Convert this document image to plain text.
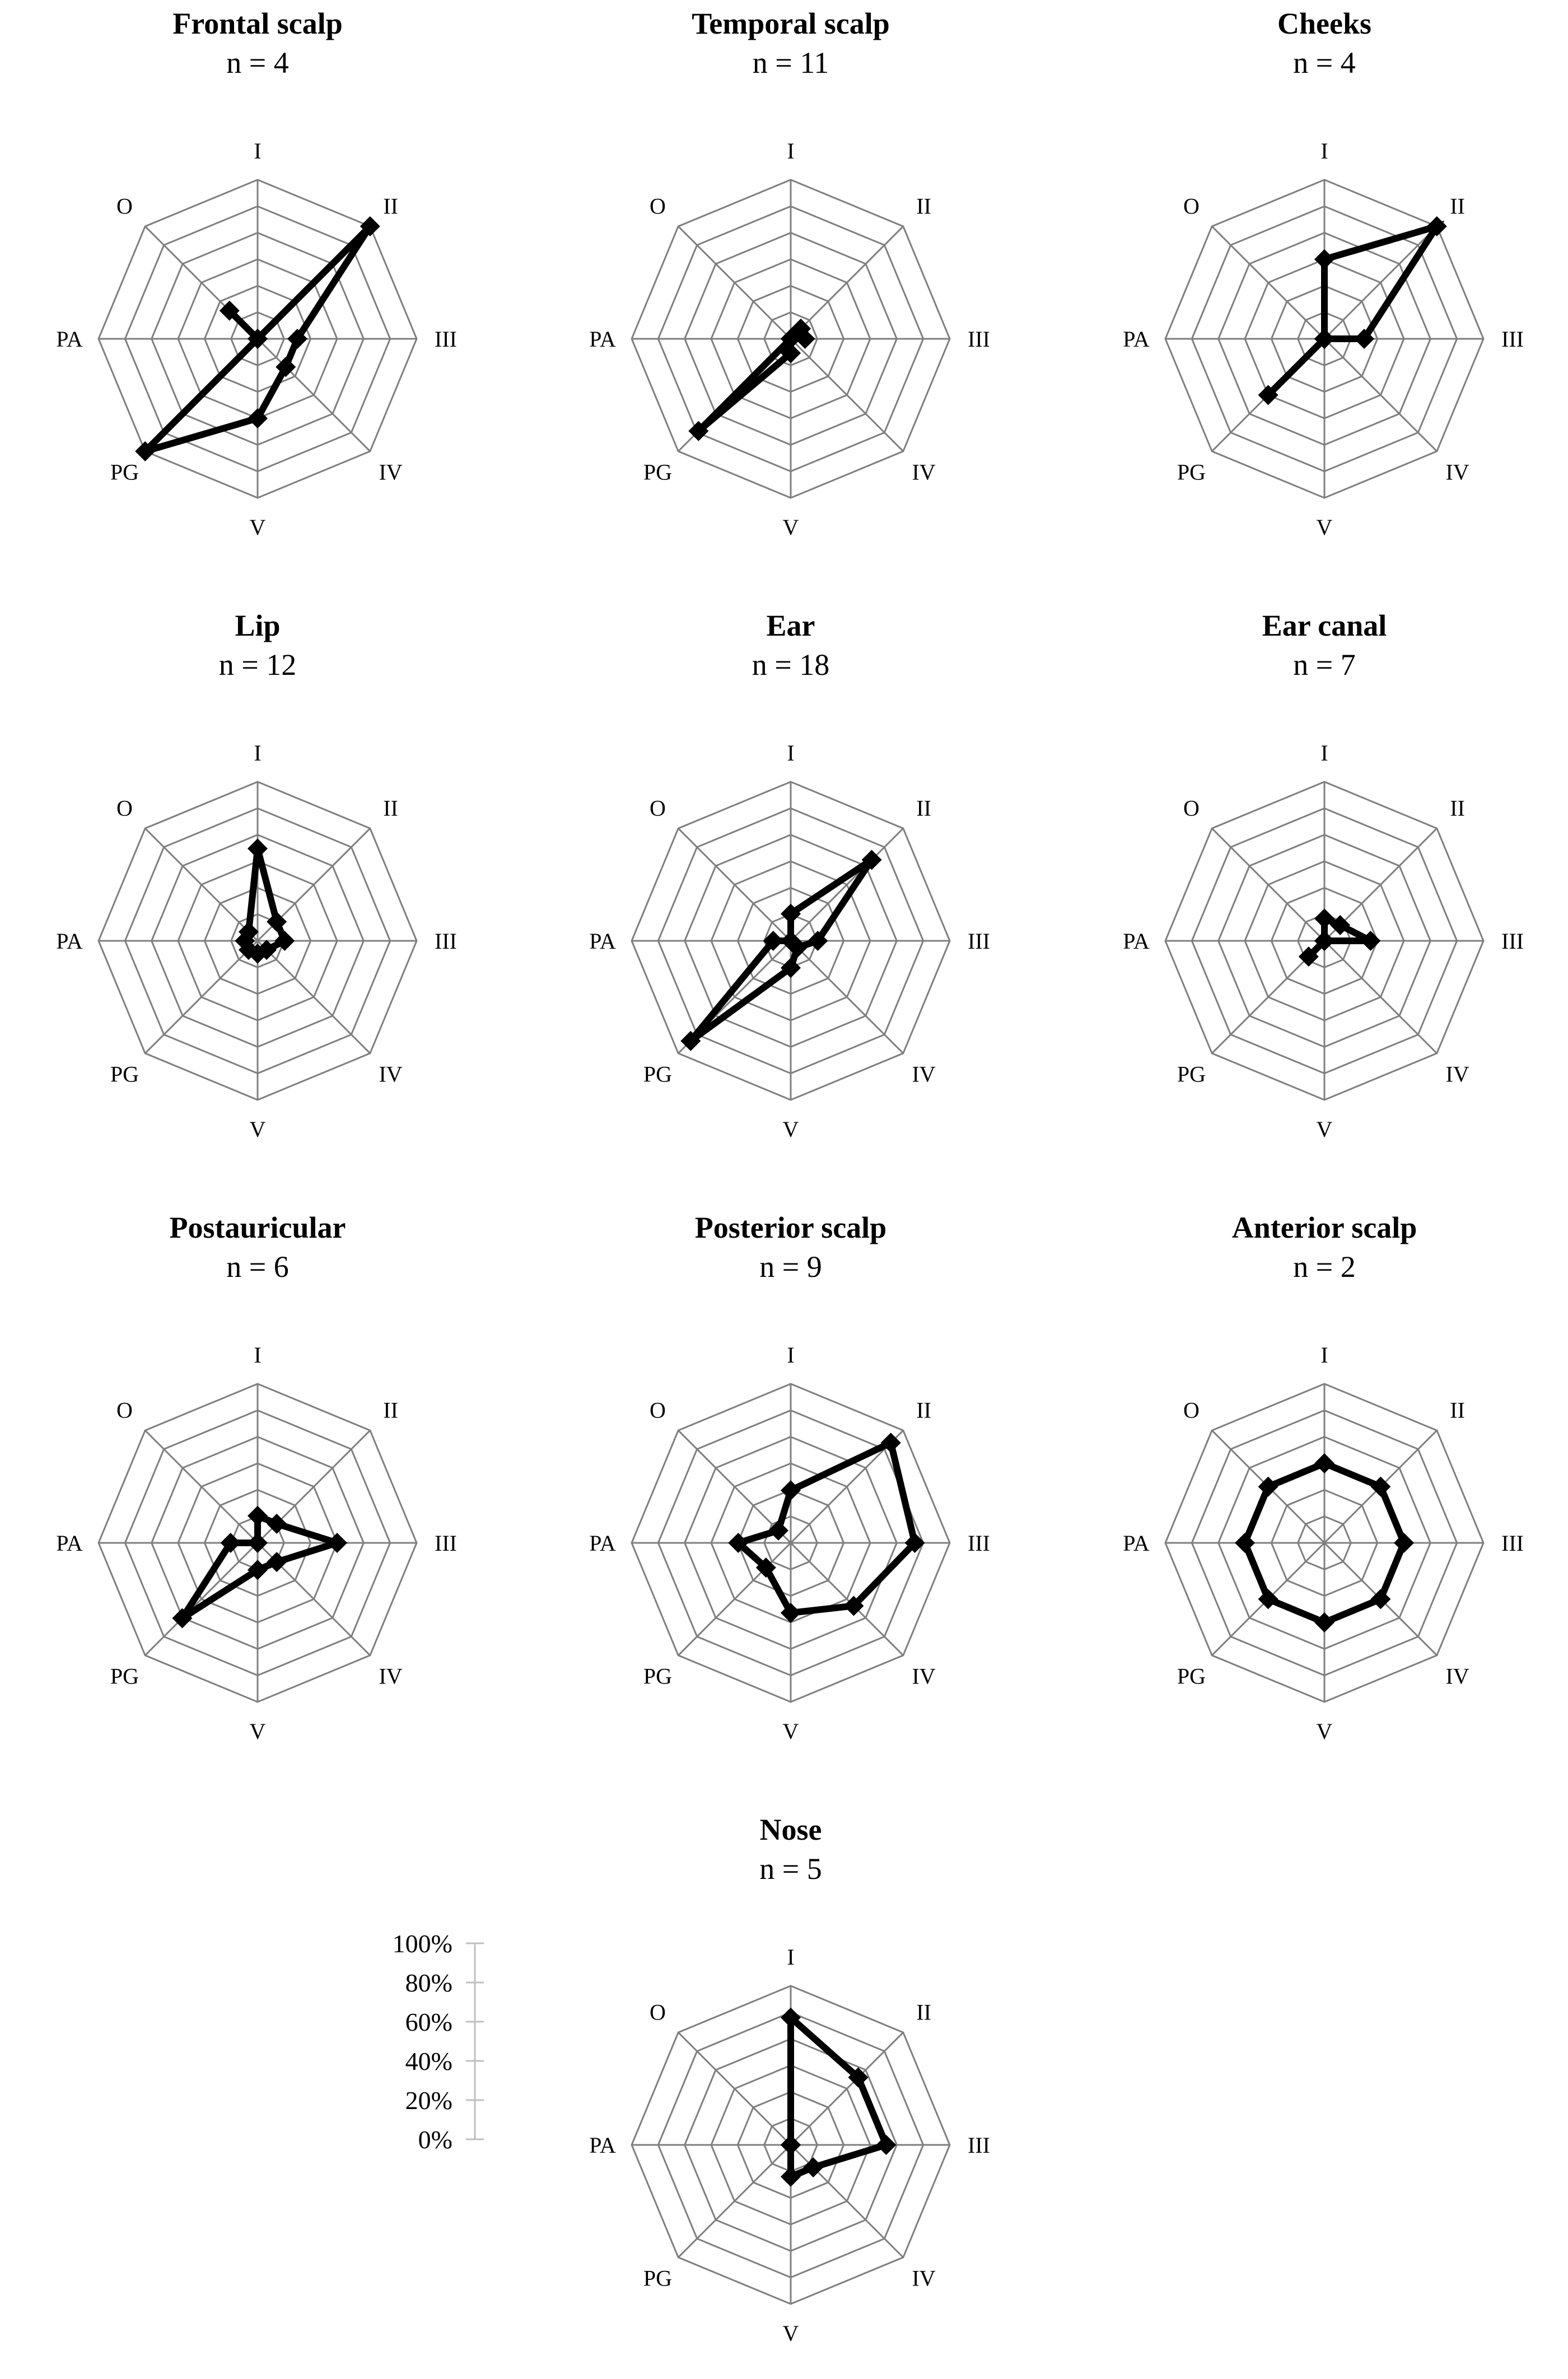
Frontal scalp
n = 4
I
II
III
IV
V
PG
PA
O
Temporal scalp
n = 11
I
II
III
IV
V
PG
PA
O
Cheeks
n = 4
I
II
III
IV
V
PG
PA
O
Lip
n = 12
I
II
III
IV
V
PG
PA
O
Ear
n = 18
I
II
III
IV
V
PG
PA
O
Ear canal
n = 7
I
II
III
IV
V
PG
PA
O
Postauricular
n = 6
I
II
III
IV
V
PG
PA
O
Posterior scalp
n = 9
I
II
III
IV
V
PG
PA
O
Anterior scalp
n = 2
I
II
III
IV
V
PG
PA
O
Nose
n = 5
I
II
III
IV
V
PG
PA
O
100%
80%
60%
40%
20%
0%
